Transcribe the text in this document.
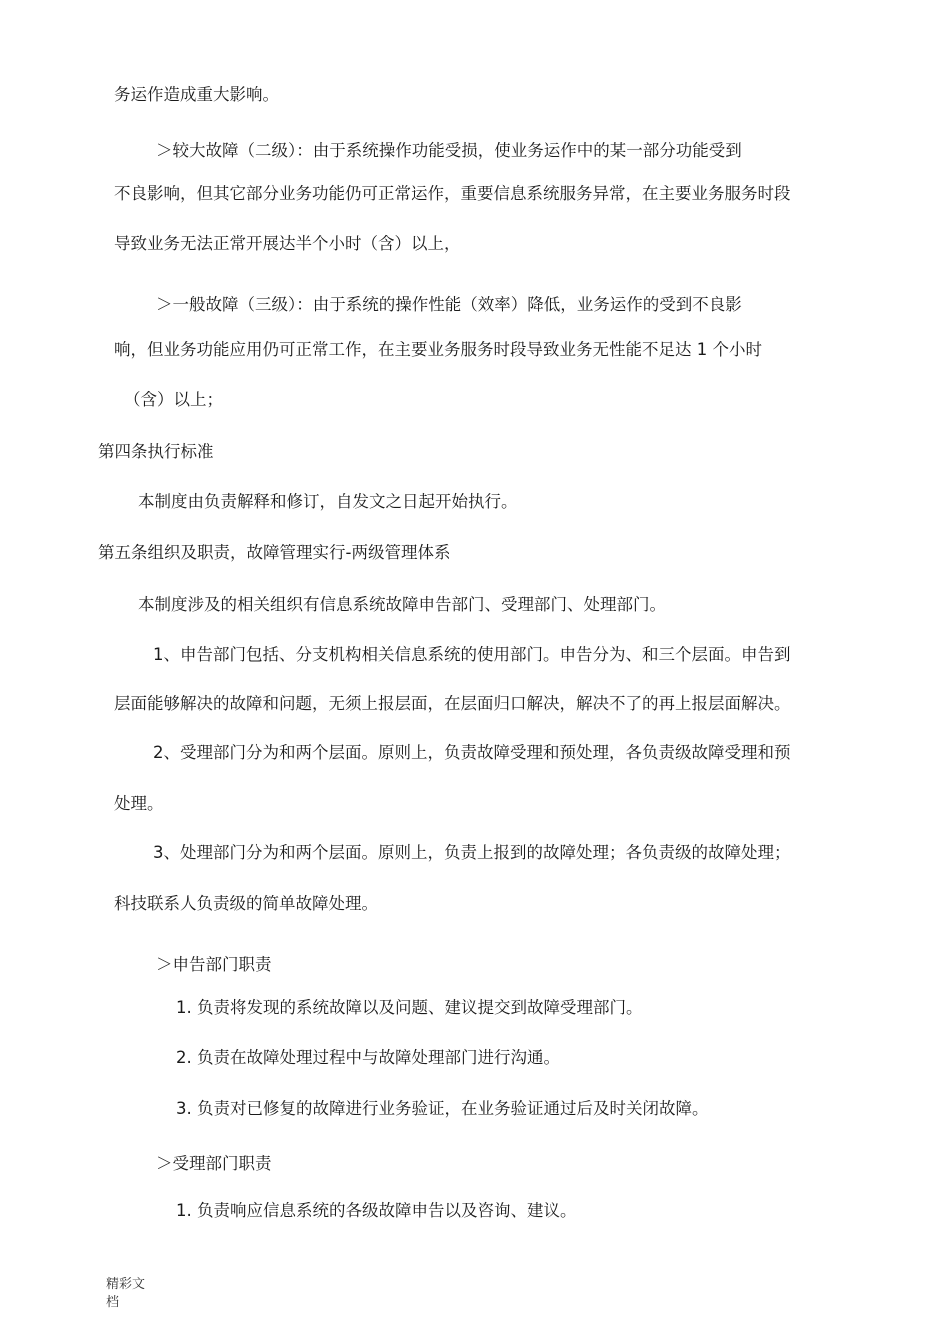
务运作造成重大影响。
＞较大故障（二级）：由于系统操作功能受损，使业务运作中的某一部分功能受到
不良影响，但其它部分业务功能仍可正常运作，重要信息系统服务异常，在主要业务服务时段
导致业务无法正常开展达半个小时（含）以上，
＞一般故障（三级）：由于系统的操作性能（效率）降低，业务运作的受到不良影
响，但业务功能应用仍可正常工作，在主要业务服务时段导致业务无性能不足达 1 个小时
（含）以上；
第四条执行标准
本制度由负责解释和修订，自发文之日起开始执行。
第五条组织及职责，故障管理实行-两级管理体系
本制度涉及的相关组织有信息系统故障申告部门、受理部门、处理部门。
1、申告部门包括、分支机构相关信息系统的使用部门。申告分为、和三个层面。申告到
层面能够解决的故障和问题，无须上报层面，在层面归口解决，解决不了的再上报层面解决。
2、受理部门分为和两个层面。原则上，负责故障受理和预处理，各负责级故障受理和预
处理。
3、处理部门分为和两个层面。原则上，负责上报到的故障处理；各负责级的故障处理；
科技联系人负责级的简单故障处理。
＞申告部门职责
1. 负责将发现的系统故障以及问题、建议提交到故障受理部门。
2. 负责在故障处理过程中与故障处理部门进行沟通。
3. 负责对已修复的故障进行业务验证，在业务验证通过后及时关闭故障。
＞受理部门职责
1. 负责响应信息系统的各级故障申告以及咨询、建议。
精彩文
档
